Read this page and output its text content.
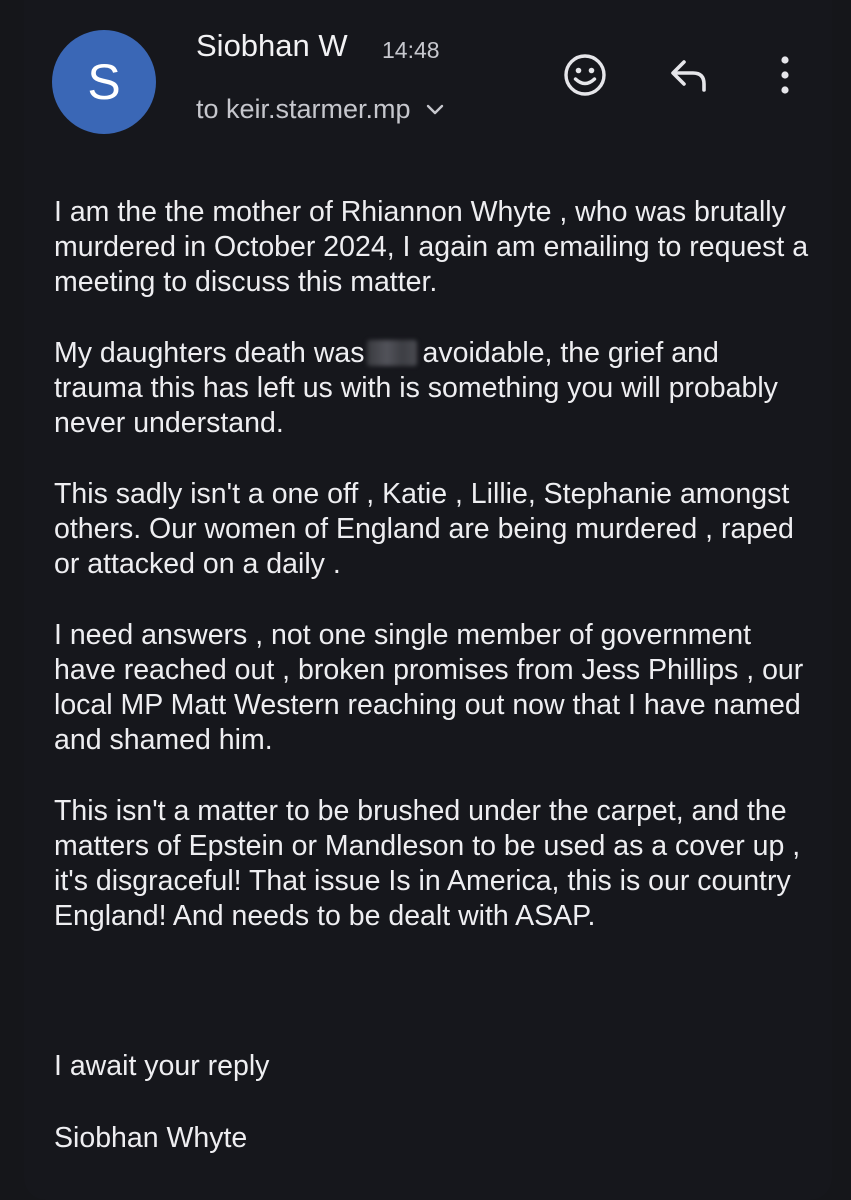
S
Siobhan W 14:48
to keir.starmer.mp

I am the the mother of Rhiannon Whyte , who was brutally murdered in October 2024, I again am emailing to request a meeting to discuss this matter.

My daughters death was avoidable, the grief and trauma this has left us with is something you will probably never understand.

This sadly isn't a one off , Katie , Lillie, Stephanie amongst others. Our women of England are being murdered , raped or attacked on a daily .

I need answers , not one single member of government have reached out , broken promises from Jess Phillips , our local MP Matt Western reaching out now that I have named and shamed him.

This isn't a matter to be brushed under the carpet, and the matters of Epstein or Mandleson to be used as a cover up , it's disgraceful! That issue Is in America, this is our country England! And needs to be dealt with ASAP.

I await your reply
Siobhan Whyte
